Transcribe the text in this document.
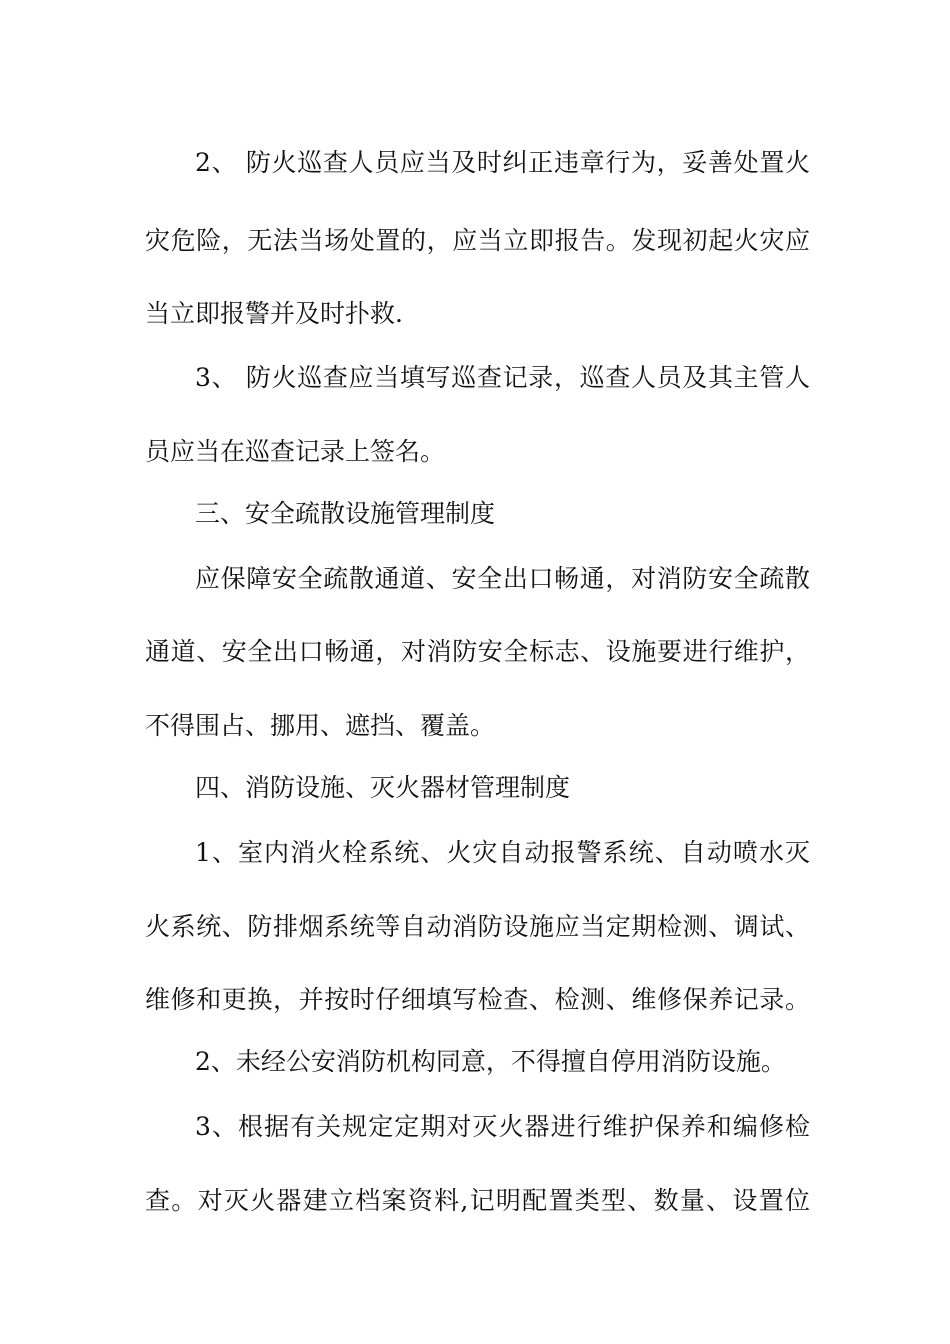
2、 防火巡查人员应当及时纠正违章行为，妥善处置火
灾危险，无法当场处置的，应当立即报告。发现初起火灾应
当立即报警并及时扑救.
3、 防火巡查应当填写巡查记录，巡查人员及其主管人
员应当在巡查记录上签名。
三、安全疏散设施管理制度
应保障安全疏散通道、安全出口畅通，对消防安全疏散
通道、安全出口畅通，对消防安全标志、设施要进行维护，
不得围占、挪用、遮挡、覆盖。
四、消防设施、灭火器材管理制度
1、室内消火栓系统、火灾自动报警系统、自动喷水灭
火系统、防排烟系统等自动消防设施应当定期检测、调试、
维修和更换，并按时仔细填写检查、检测、维修保养记录。
2、未经公安消防机构同意，不得擅自停用消防设施。
3、根据有关规定定期对灭火器进行维护保养和编修检
查。对灭火器建立档案资料,记明配置类型、数量、设置位
